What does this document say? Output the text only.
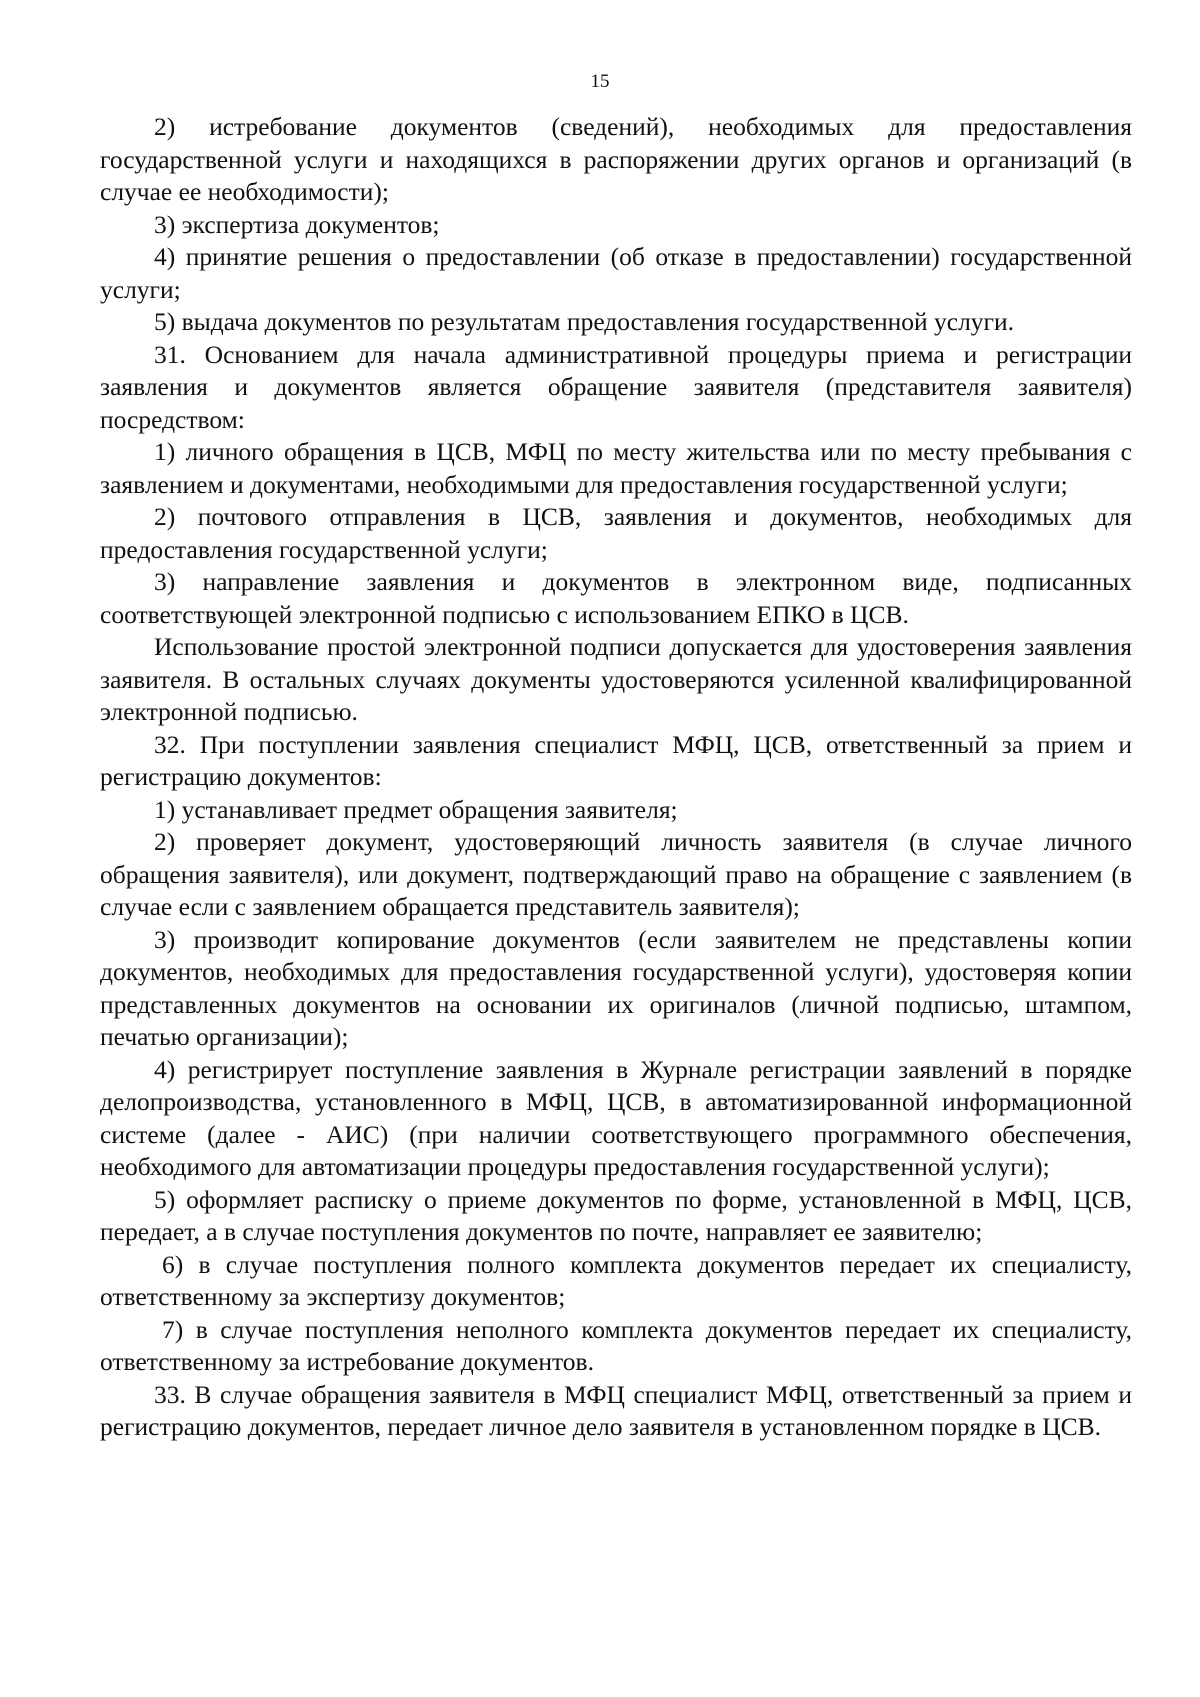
15

2) истребование документов (сведений), необходимых для предоставления государственной услуги и находящихся в распоряжении других органов и организаций (в случае ее необходимости);

3) экспертиза документов;

4) принятие решения о предоставлении (об отказе в предоставлении) государственной услуги;

5) выдача документов по результатам предоставления государственной услуги.

31. Основанием для начала административной процедуры приема и регистрации заявления и документов является обращение заявителя (представителя заявителя) посредством:

1) личного обращения в ЦСВ, МФЦ по месту жительства или по месту пребывания с заявлением и документами, необходимыми для предоставления государственной услуги;

2) почтового отправления в ЦСВ, заявления и документов, необходимых для предоставления государственной услуги;

3) направление заявления и документов в электронном виде, подписанных соответствующей электронной подписью с использованием ЕПКО в ЦСВ.

Использование простой электронной подписи допускается для удостоверения заявления заявителя. В остальных случаях документы удостоверяются усиленной квалифицированной электронной подписью.

32. При поступлении заявления специалист МФЦ, ЦСВ, ответственный за прием и регистрацию документов:

1) устанавливает предмет обращения заявителя;

2) проверяет документ, удостоверяющий личность заявителя (в случае личного обращения заявителя), или документ, подтверждающий право на обращение с заявлением (в случае если с заявлением обращается представитель заявителя);

3) производит копирование документов (если заявителем не представлены копии документов, необходимых для предоставления государственной услуги), удостоверяя копии представленных документов на основании их оригиналов (личной подписью, штампом, печатью организации);

4) регистрирует поступление заявления в Журнале регистрации заявлений в порядке делопроизводства, установленного в МФЦ, ЦСВ, в автоматизированной информационной системе (далее - АИС) (при наличии соответствующего программного обеспечения, необходимого для автоматизации процедуры предоставления государственной услуги);

5) оформляет расписку о приеме документов по форме, установленной в МФЦ, ЦСВ, передает, а в случае поступления документов по почте, направляет ее заявителю;

6) в случае поступления полного комплекта документов передает их специалисту, ответственному за экспертизу документов;

7) в случае поступления неполного комплекта документов передает их специалисту, ответственному за истребование документов.

33. В случае обращения заявителя в МФЦ специалист МФЦ, ответственный за прием и регистрацию документов, передает личное дело заявителя в установленном порядке в ЦСВ.
